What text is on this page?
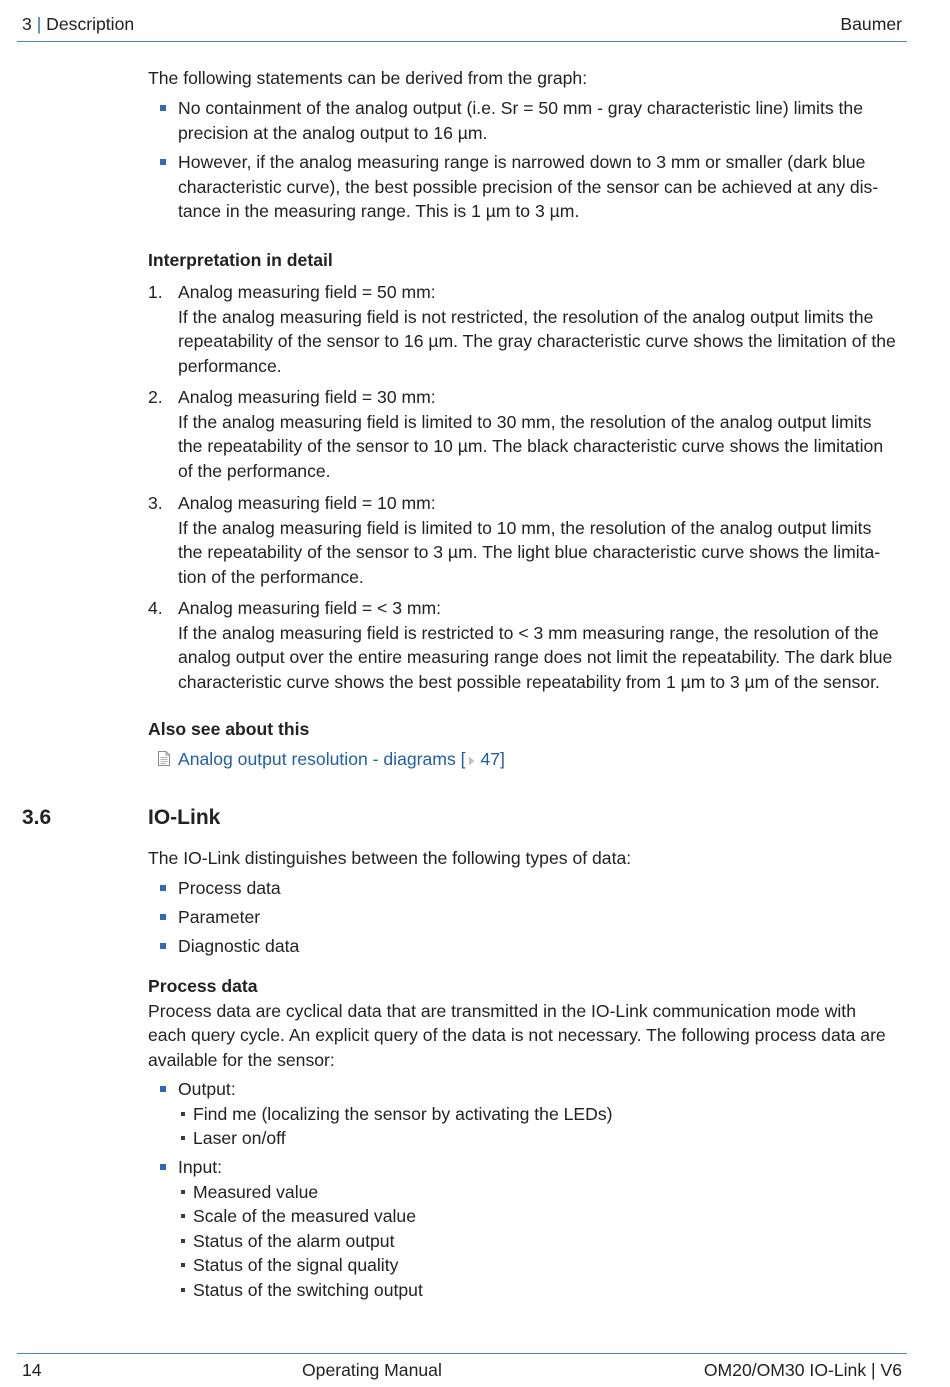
3 | Description	Baumer
The following statements can be derived from the graph:
No containment of the analog output (i.e. Sr = 50 mm - gray characteristic line) limits the
precision at the analog output to 16 µm.
However, if the analog measuring range is narrowed down to 3 mm or smaller (dark blue
characteristic curve), the best possible precision of the sensor can be achieved at any dis-
tance in the measuring range. This is 1 µm to 3 µm.
Interpretation in detail
1. Analog measuring field = 50 mm:
If the analog measuring field is not restricted, the resolution of the analog output limits the
repeatability of the sensor to 16 µm. The gray characteristic curve shows the limitation of the
performance.
2. Analog measuring field = 30 mm:
If the analog measuring field is limited to 30 mm, the resolution of the analog output limits
the repeatability of the sensor to 10 µm. The black characteristic curve shows the limitation
of the performance.
3. Analog measuring field = 10 mm:
If the analog measuring field is limited to 10 mm, the resolution of the analog output limits
the repeatability of the sensor to 3 µm. The light blue characteristic curve shows the limita-
tion of the performance.
4. Analog measuring field = < 3 mm:
If the analog measuring field is restricted to < 3 mm measuring range, the resolution of the
analog output over the entire measuring range does not limit the repeatability. The dark blue
characteristic curve shows the best possible repeatability from 1 µm to 3 µm of the sensor.
Also see about this
Analog output resolution - diagrams [ 47]
3.6	IO-Link
The IO-Link distinguishes between the following types of data:
Process data
Parameter
Diagnostic data
Process data
Process data are cyclical data that are transmitted in the IO-Link communication mode with
each query cycle. An explicit query of the data is not necessary. The following process data are
available for the sensor:
Output:
Find me (localizing the sensor by activating the LEDs)
Laser on/off
Input:
Measured value
Scale of the measured value
Status of the alarm output
Status of the signal quality
Status of the switching output
14	Operating Manual	OM20/OM30 IO-Link | V6
